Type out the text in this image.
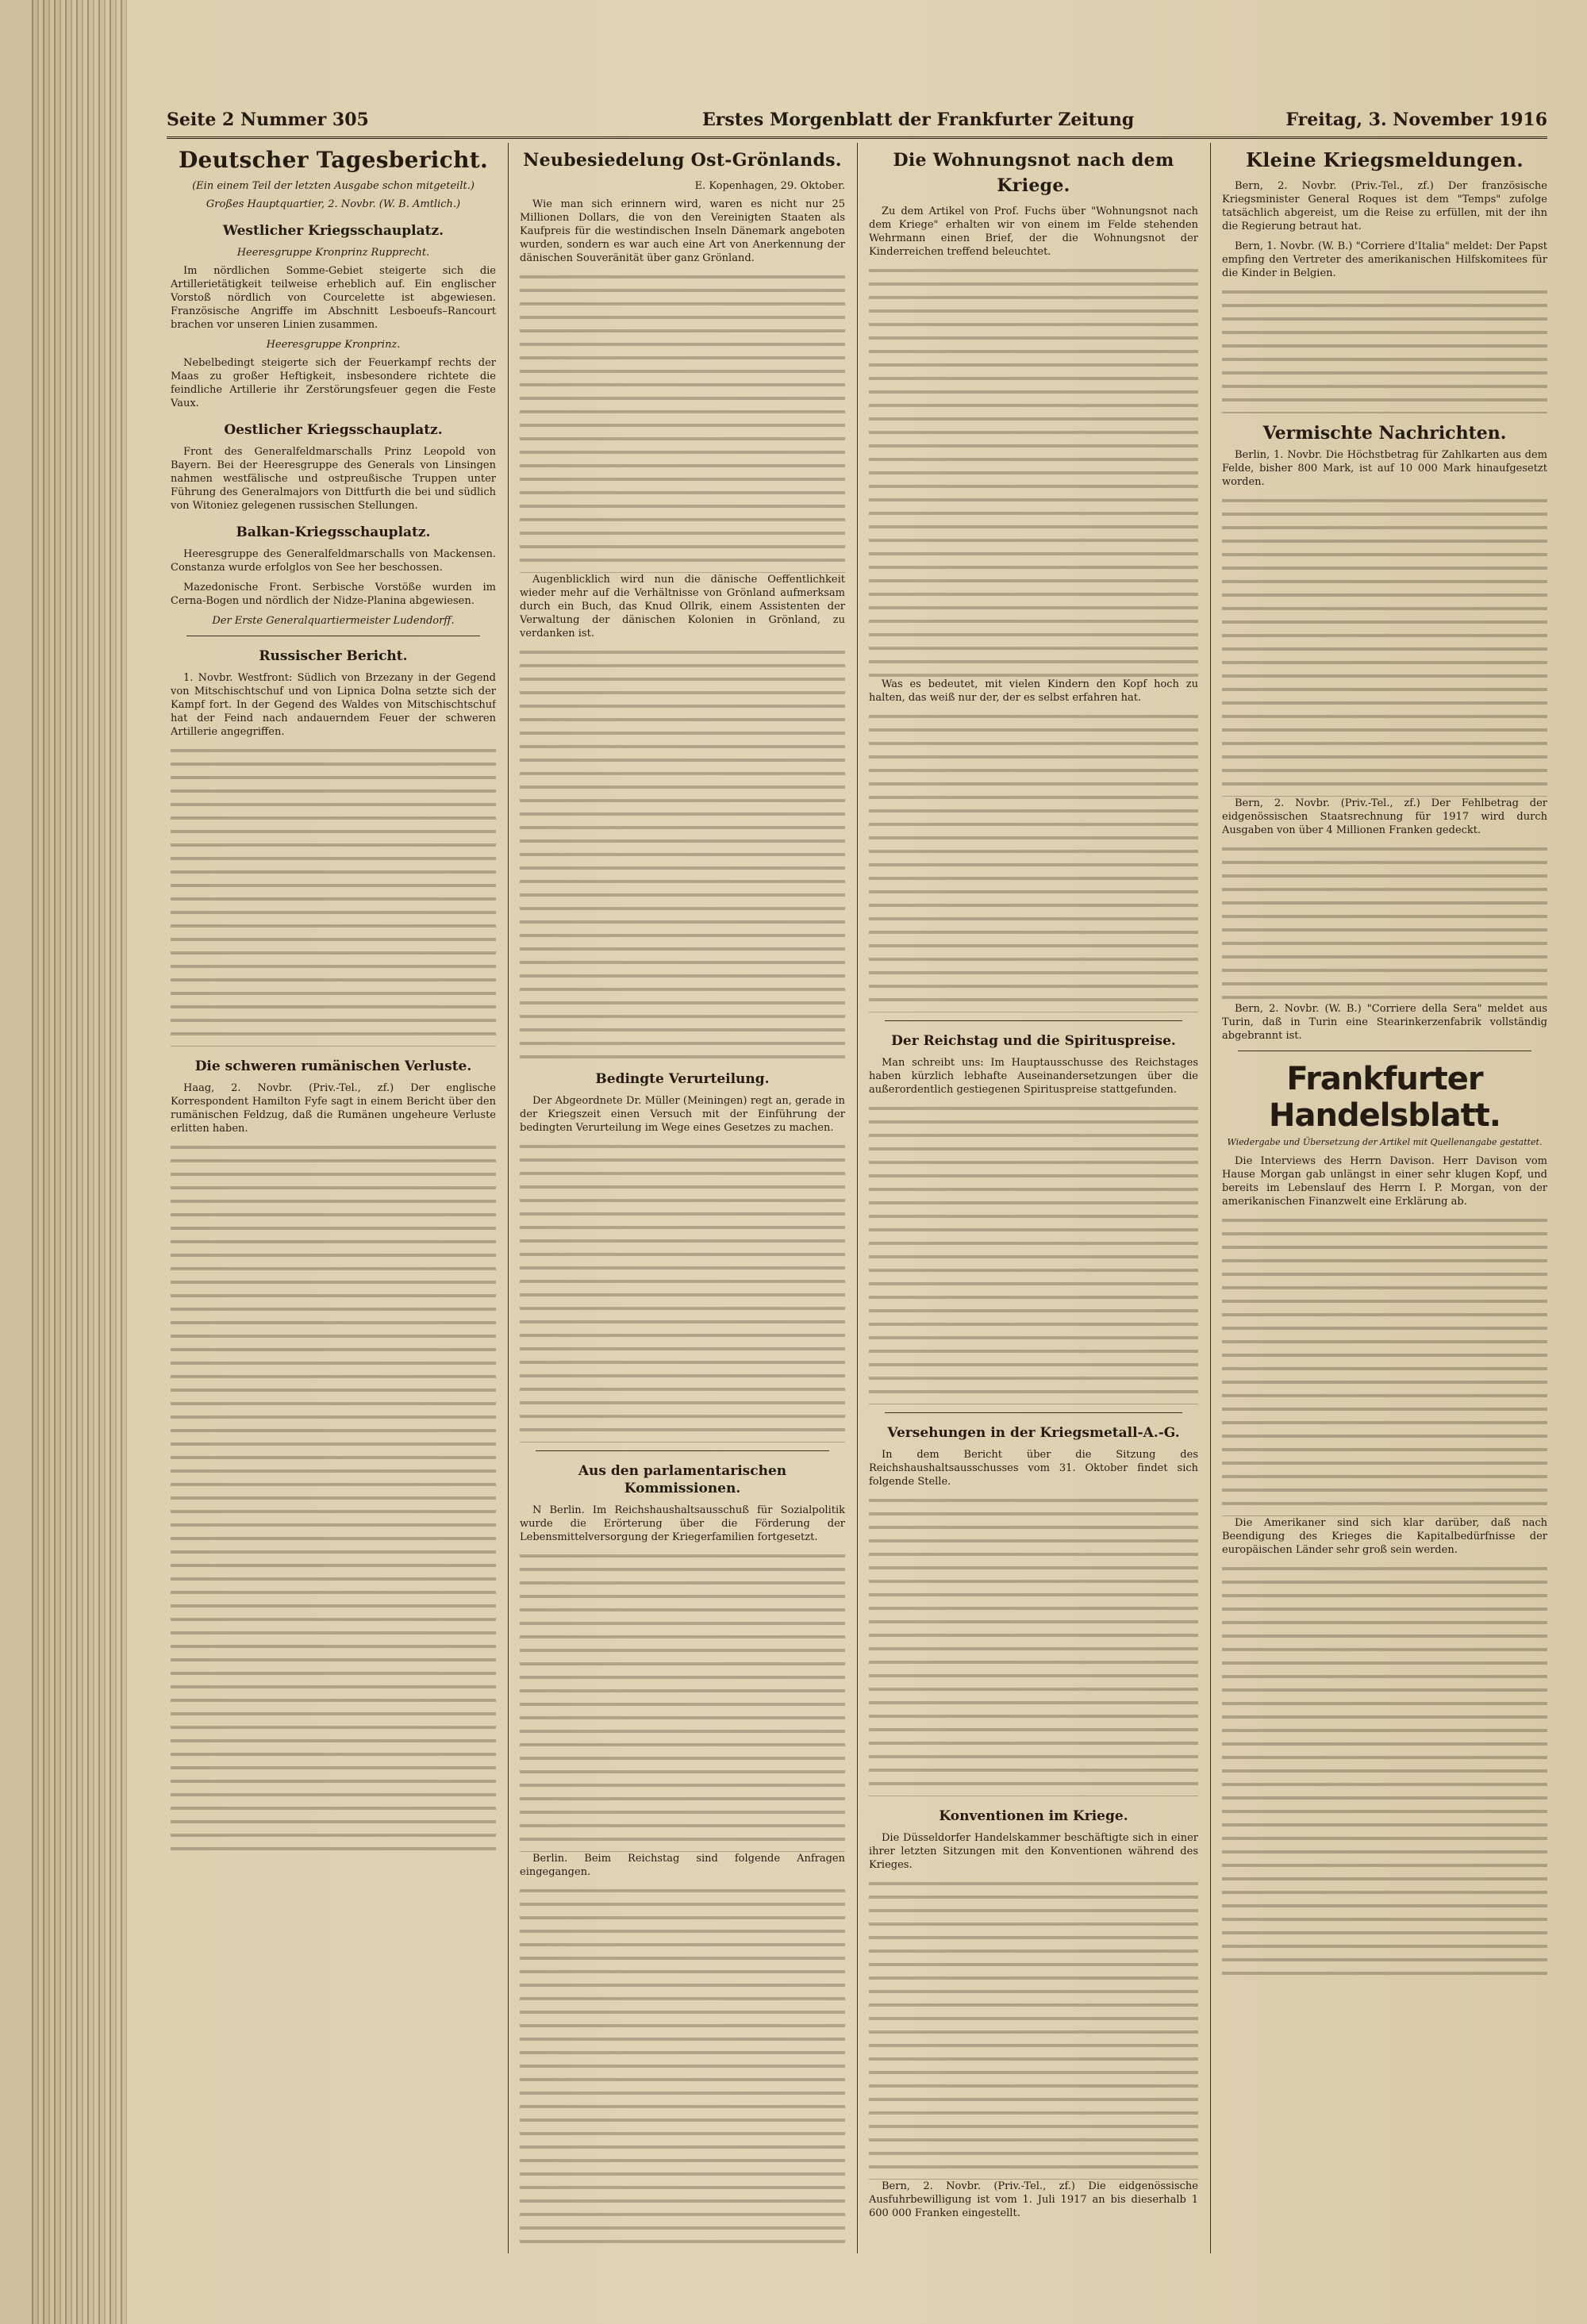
Seite 2 Nummer 305	Erstes Morgenblatt der Frankfurter Zeitung	Freitag, 3. November 1916
Deutscher Tagesbericht.
(Ein einem Teil der letzten Ausgabe schon mitgeteilt.)
Großes Hauptquartier, 2. Novbr. (W. B. Amtlich.)
Westlicher Kriegsschauplatz.
Heeresgruppe Kronprinz Rupprecht.

Im nördlichen Somme-Gebiet steigerte sich die Artillerietätigkeit teilweise erheblich auf. Ein englischer Vorstoß nördlich von Courcelette ist abgewiesen. Französische Angriffe im Abschnitt Lesboeufs–Rancourt brachen vor unseren Linien zusammen.

Heeresgruppe Kronprinz.

Nebelbedingt steigerte sich der Feuerkampf rechts der Maas zu großer Heftigkeit, insbesondere richtete die feindliche Artillerie ihr Zerstörungsfeuer gegen die Feste Vaux.

Oestlicher Kriegsschauplatz.

Front des Generalfeldmarschalls Prinz Leopold von Bayern. Bei der Heeresgruppe des Generals von Linsingen nahmen westfälische und ostpreußische Truppen unter Führung des Generalmajors von Dittfurth die bei und südlich von Witoniez gelegenen russischen Stellungen.

Balkan-Kriegsschauplatz.

Heeresgruppe des Generalfeldmarschalls von Mackensen. Constanza wurde erfolglos von See her beschossen.

Mazedonische Front. Serbische Vorstöße wurden im Cerna-Bogen und nördlich der Nidze-Planina abgewiesen.

Der Erste Generalquartiermeister Ludendorff.
Russischer Bericht.

1. Novbr. Westfront: Südlich von Brzezany in der Gegend von Mitschischtschuf und von Lipnica Dolna setzte sich der Kampf fort. In der Gegend des Waldes von Mitschischtschuf hat der Feind nach andauerndem Feuer der schweren Artillerie angegriffen.

Die schweren rumänischen Verluste.

Haag, 2. Novbr. (Priv.-Tel., zf.) Der englische Korrespondent Hamilton Fyfe sagt in einem Bericht über den rumänischen Feldzug, daß die Rumänen ungeheure Verluste erlitten haben.

Neubesiedelung Ost-Grönlands.
E. Kopenhagen, 29. Oktober.

Wie man sich erinnern wird, waren es nicht nur 25 Millionen Dollars, die von den Vereinigten Staaten als Kaufpreis für die westindischen Inseln Dänemark angeboten wurden, sondern es war auch eine Art von Anerkennung der dänischen Souveränität über ganz Grönland.

Augenblicklich wird nun die dänische Oeffentlichkeit wieder mehr auf die Verhältnisse von Grönland aufmerksam durch ein Buch, das Knud Ollrik, einem Assistenten der Verwaltung der dänischen Kolonien in Grönland, zu verdanken ist.

Bedingte Verurteilung.

Der Abgeordnete Dr. Müller (Meiningen) regt an, gerade in der Kriegszeit einen Versuch mit der Einführung der bedingten Verurteilung im Wege eines Gesetzes zu machen.

Aus den parlamentarischen Kommissionen.

N Berlin. Im Reichshaushaltsausschuß für Sozialpolitik wurde die Erörterung über die Förderung der Lebensmittelversorgung der Kriegerfamilien fortgesetzt.

Berlin. Beim Reichstag sind folgende Anfragen eingegangen.

Die Wohnungsnot nach dem Kriege.

Zu dem Artikel von Prof. Fuchs über "Wohnungsnot nach dem Kriege" erhalten wir von einem im Felde stehenden Wehrmann einen Brief, der die Wohnungsnot der Kinderreichen treffend beleuchtet.

Was es bedeutet, mit vielen Kindern den Kopf hoch zu halten, das weiß nur der, der es selbst erfahren hat.

Der Reichstag und die Spirituspreise.

Man schreibt uns: Im Hauptausschusse des Reichstages haben kürzlich lebhafte Auseinandersetzungen über die außerordentlich gestiegenen Spirituspreise stattgefunden.

Versehungen in der Kriegsmetall-A.-G.

In dem Bericht über die Sitzung des Reichshaushaltsausschusses vom 31. Oktober findet sich folgende Stelle.

Konventionen im Kriege.

Die Düsseldorfer Handelskammer beschäftigte sich in einer ihrer letzten Sitzungen mit den Konventionen während des Krieges.

Bern, 2. Novbr. (Priv.-Tel., zf.) Die eidgenössische Ausfuhrbewilligung ist vom 1. Juli 1917 an bis dieserhalb 1 600 000 Franken eingestellt.

Kleine Kriegsmeldungen.

Bern, 2. Novbr. (Priv.-Tel., zf.) Der französische Kriegsminister General Roques ist dem "Temps" zufolge tatsächlich abgereist, um die Reise zu erfüllen, mit der ihn die Regierung betraut hat.

Bern, 1. Novbr. (W. B.) "Corriere d'Italia" meldet: Der Papst empfing den Vertreter des amerikanischen Hilfskomitees für die Kinder in Belgien.

Vermischte Nachrichten.

Berlin, 1. Novbr. Die Höchstbetrag für Zahlkarten aus dem Felde, bisher 800 Mark, ist auf 10 000 Mark hinaufgesetzt worden.

Bern, 2. Novbr. (Priv.-Tel., zf.) Der Fehlbetrag der eidgenössischen Staatsrechnung für 1917 wird durch Ausgaben von über 4 Millionen Franken gedeckt.

Bern, 2. Novbr. (W. B.) "Corriere della Sera" meldet aus Turin, daß in Turin eine Stearinkerzenfabrik vollständig abgebrannt ist.

Frankfurter Handelsblatt.
Wiedergabe und Übersetzung der Artikel mit Quellenangabe gestattet.

Die Interviews des Herrn Davison. Herr Davison vom Hause Morgan gab unlängst in einer sehr klugen Kopf, und bereits im Lebenslauf des Herrn I. P. Morgan, von der amerikanischen Finanzwelt eine Erklärung ab.

Die Amerikaner sind sich klar darüber, daß nach Beendigung des Krieges die Kapitalbedürfnisse der europäischen Länder sehr groß sein werden.
